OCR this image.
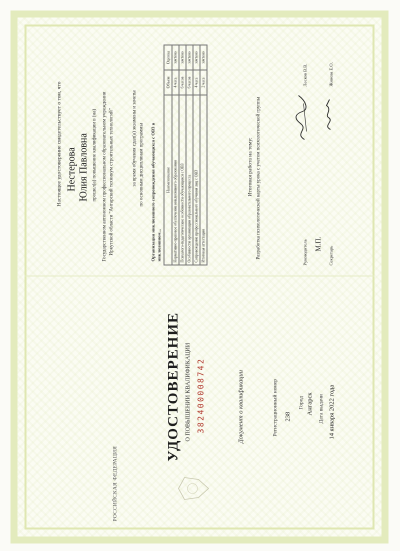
РОССИЙСКАЯ ФЕДЕРАЦИЯ
УДОСТОВЕРЕНИЕ О ПОВЫШЕНИИ КВАЛИФИКАЦИИ 382400008742	Документ о квалификации	Регистрационный номер 238
Город Ангарск Дата выдачи 14 января 2022 года
Настоящее удостоверение свидетельствует о том, что Нестерова Юлия Павловна прошел(а) повышение квалификации в (на) Государственном автономном профессиональном образовательном учреждении Иркутской области "Ангарский техникум строительных технологий"	за время обучения сдал(а) экзамены и зачеты по основным дисциплинам программы Организация инклюзивного сопровождения обучающихся с ОВЗ в инклюзивном...
Наименование	Объем	Оценка
Нормативно-правовое обеспечение инклюзивного образования	4 часа	зачтено
Психолого-педагогические особенности обучающихся с ОВЗ	6 часов	зачтено
Особенности организации образовательного процесса	6 часов	зачтено
Сопровождение профессионального обучения лиц с ОВЗ	4 часа	зачтено
Итоговая аттестация	2 часа	зачтено
Итоговая работа на тему: Разработка психологической карты урока с учетом психологической группы	Руководитель	Секретарь
М.П.
Лесков В.В.	Жинева Е.О.
